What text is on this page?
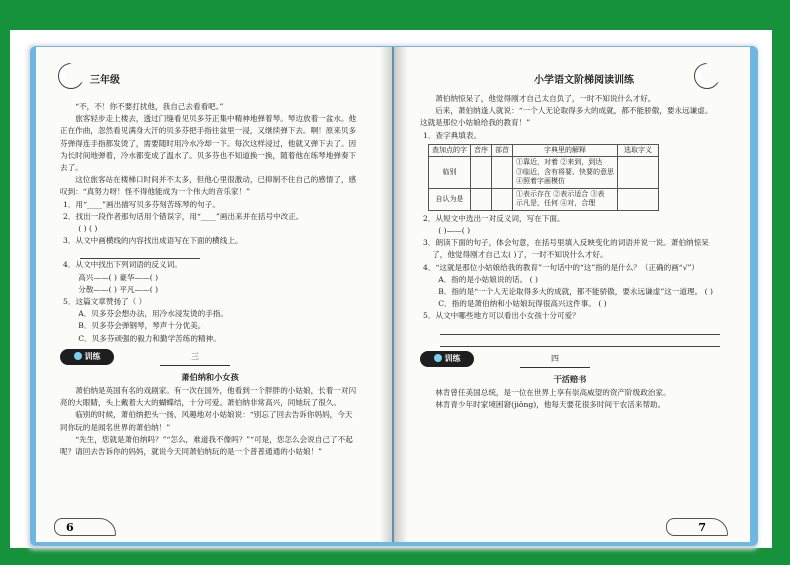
三年级

“不，不！你不要打扰他，我自己去看看吧。”

旅客轻步走上楼去，透过门缝看见贝多芬正集中精神地弹着琴。琴边放着一盆水。他正在作曲，忽然看见满身大汗的贝多芬把手指往盆里一浸，又继续弹下去。啊！原来贝多芬弹得连手指都发烫了，需要随时用冷水冷却一下。每次这样浸过，他就又弹下去了。因为长时间地弹着，冷水都变成了温水了。贝多芬也不知道换一换，随着他在练琴地弹奏下去了。

这位旅客站在楼梯口时间并不太多，但他心里很激动，已抑制不住自己的感情了，感叹到：“真努力呀！怪不得他能成为一个伟大的音乐家！”

1．用“____”画出描写贝多芬刻苦练琴的句子。

2．找出一段作者那句话用个错误字，用“____”画出来并在括号中改正。

( ) ( )

3．从文中画横线的内容找出成语写在下面的横线上。

4．从文中找出下列词语的反义词。

高兴——( ) 豪华——( )

分散——( ) 平凡——( )

5．这篇文章赞扬了（ ）

A．贝多芬会想办法，用冷水浸发烫的手指。

B．贝多芬会弹钢琴，琴声十分优美。

C．贝多芬顽强的毅力和勤学苦练的精神。

训练	三
萧伯纳和小女孩

萧伯纳是英国有名的戏剧家。有一次在国外，他看到一个胖胖的小姑娘，长着一对闪亮的大眼睛，头上戴着大大的蝴蝶结，十分可爱。萧伯纳非常高兴，同她玩了很久。

临别的时候，萧伯纳把头一扬，风趣地对小姑娘说：“别忘了回去告诉你妈妈，今天同你玩的是闻名世界的萧伯纳！”

“先生，您就是萧伯纳吗？”“怎么，难道我不像吗？”“可是，您怎么会说自己了不起呢？请回去告诉你的妈妈，就说今天同萧伯纳玩的是一个普普通通的小姑娘！”

6
小学语文阶梯阅读训练

萧伯纳惊呆了，他觉得刚才自己太自负了，一时不知说什么才好。

后来，萧伯纳逢人就说：“一个人无论取得多大的成就，都不能骄傲，要永远谦虚。这就是那位小姑娘给我的教育！”

1．查字典填表。

查加点的字	音序	部首	字典里的解释	选取字义
临别			①靠近，对着 ②来到，到达
③临近，含有将要、快要的意思
④照着字画模仿	

自认为是			①表示存在 ②表示适合 ③表
示凡是，任何 ④对，合理	

2．从短文中选出一对反义词，写在下面。

( )——( )

3．朗读下面的句子，体会句意，在括号里填入反映变化的词语并说一说。萧伯纳惊呆了，他觉得刚才自己太( )了，一时不知说什么才好。

4．“这就是那位小姑娘给我的教育”一句话中的“这”指的是什么？（正确的画“√”）

A．指的是小姑娘说的话。 ( )

B．指的是“一个人无论取得多大的成就，都不能骄傲，要永远谦虚”这一道理。 ( )

C．指的是萧伯纳和小姑娘玩得很高兴这件事。 ( )

5．从文中哪些地方可以看出小女孩十分可爱？

训练	四
干活赔书

林肯曾任美国总统，是一位在世界上享有崇高威望的资产阶级政治家。

林肯青少年时家境困窘(jiǒng)，他每天要花很多时间干农活来帮助。

7
